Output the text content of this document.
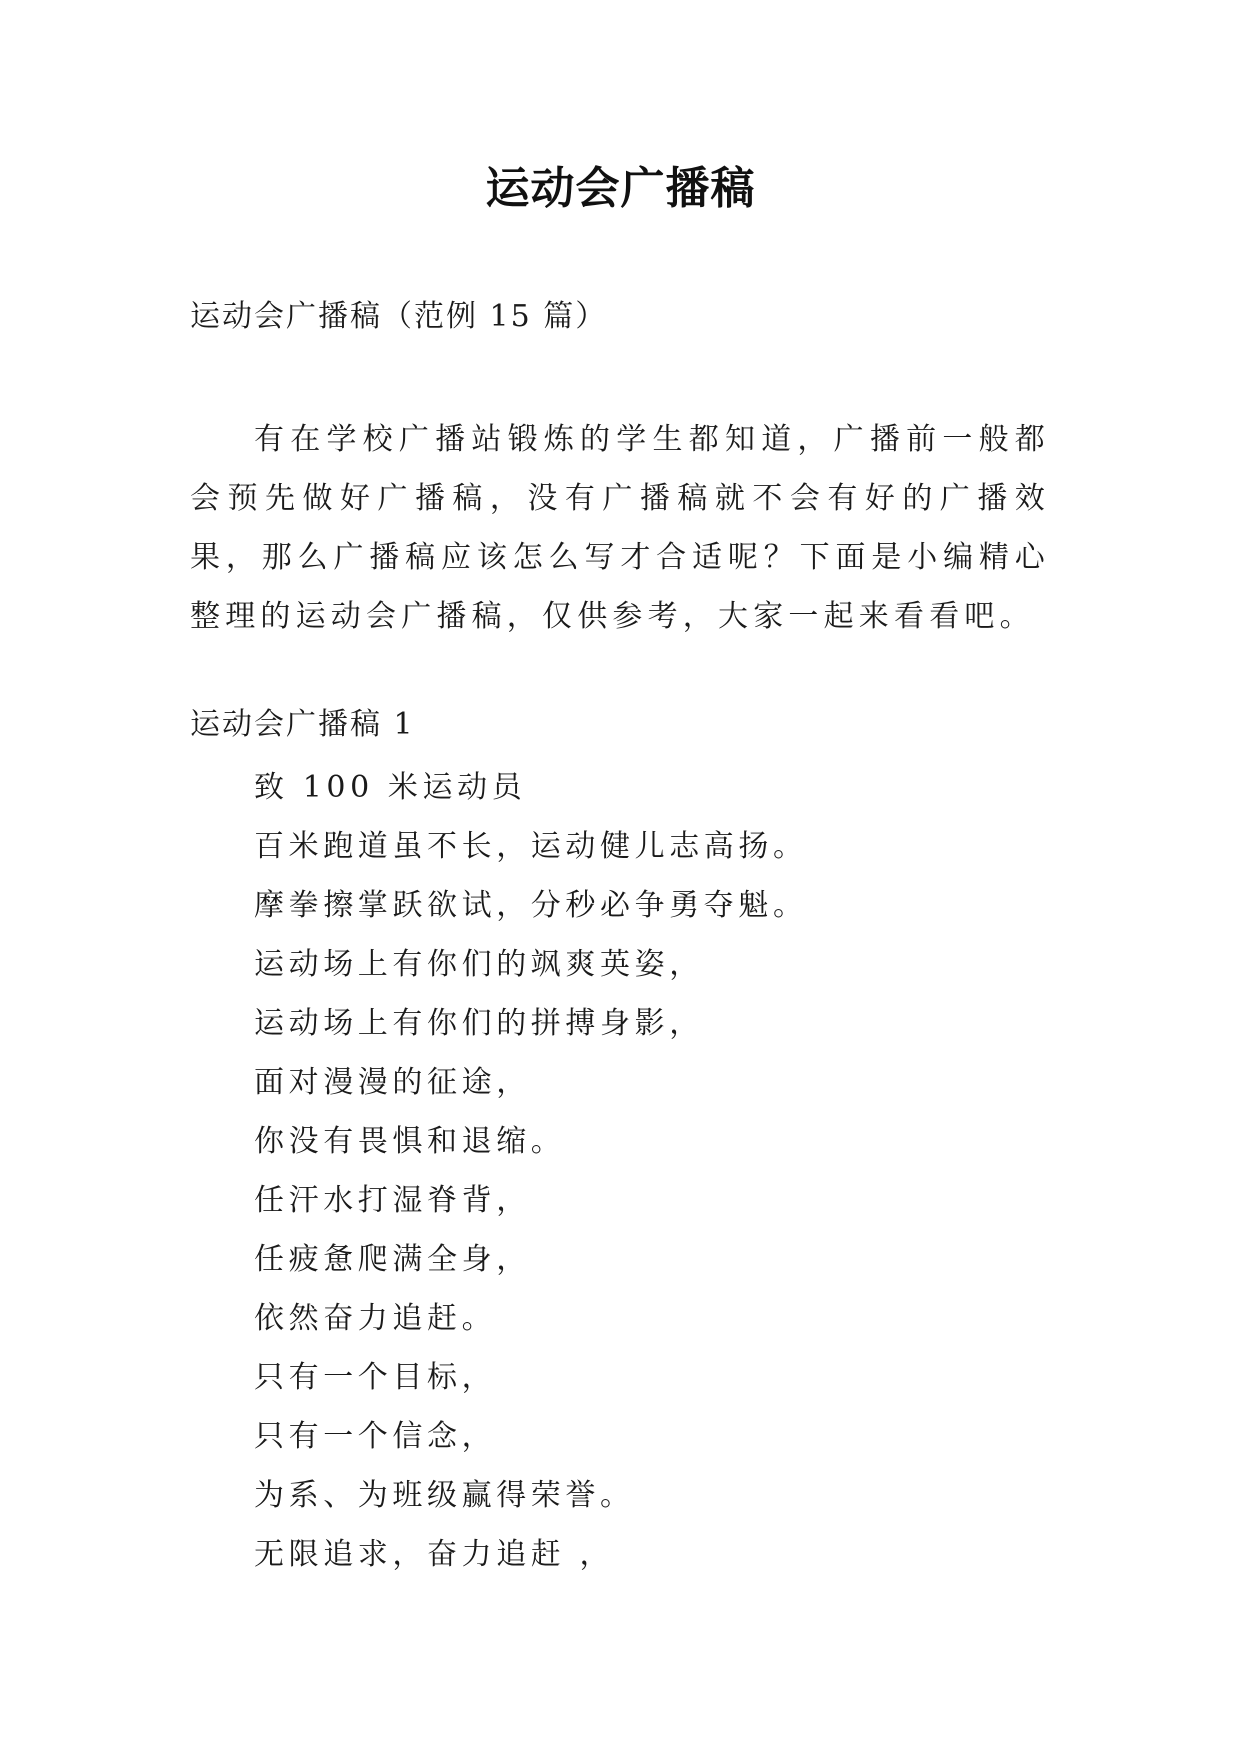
运动会广播稿
运动会广播稿（范例 15 篇）
有在学校广播站锻炼的学生都知道，广播前一般都会预先做好广播稿，没有广播稿就不会有好的广播效果，那么广播稿应该怎么写才合适呢？下面是小编精心整理的运动会广播稿，仅供参考，大家一起来看看吧。
运动会广播稿 1
致 100 米运动员
百米跑道虽不长，运动健儿志高扬。
摩拳擦掌跃欲试，分秒必争勇夺魁。
运动场上有你们的飒爽英姿，
运动场上有你们的拼搏身影，
面对漫漫的征途，
你没有畏惧和退缩。
任汗水打湿脊背，
任疲惫爬满全身，
依然奋力追赶。
只有一个目标，
只有一个信念，
为系、为班级赢得荣誉。
无限追求，奋力追赶 ，
